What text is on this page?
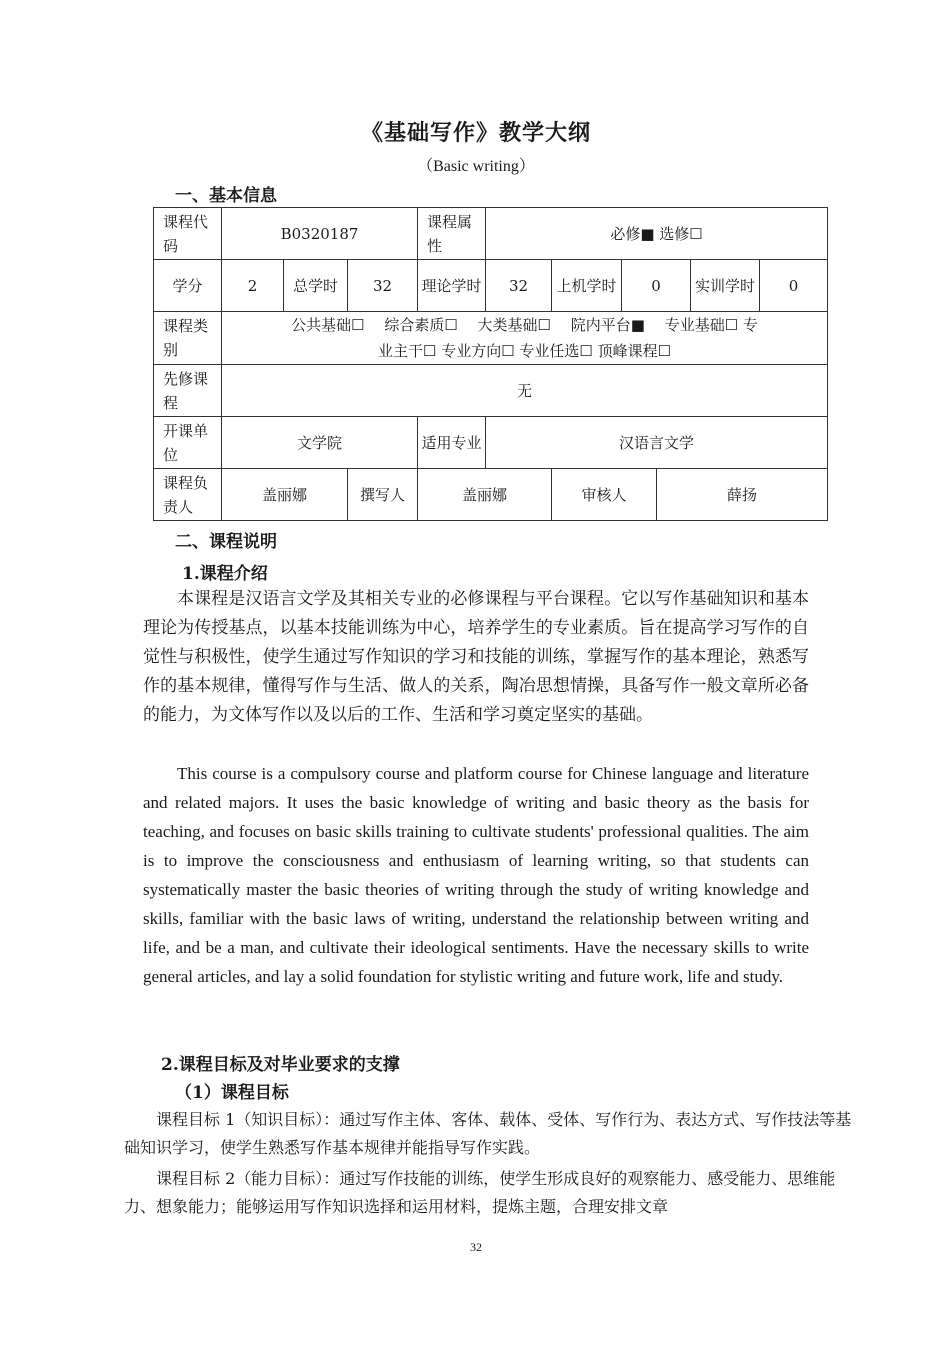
《基础写作》教学大纲
（Basic writing）
一、基本信息
课程代码	B0320187			课程属性	必修■ 选修☐					
学分	2	总学时	32	理论学时	32	上机学时	0		实训学时	0
课程类别	公共基础☐　 综合素质☐　 大类基础☐　 院内平台■　 专业基础☐ 专
业主干☐ 专业方向☐ 专业任选☐ 顶峰课程☐									

先修课程	无									
开课单位	文学院			适用专业	汉语言文学					
课程负责人	盖丽娜		撰写人	盖丽娜		审核人		薛扬		
二、课程说明
1.课程介绍
本课程是汉语言文学及其相关专业的必修课程与平台课程。它以写作基础知识和基本理论为传授基点，以基本技能训练为中心，培养学生的专业素质。旨在提高学习写作的自觉性与积极性，使学生通过写作知识的学习和技能的训练，掌握写作的基本理论，熟悉写作的基本规律，懂得写作与生活、做人的关系，陶冶思想情操，具备写作一般文章所必备的能力，为文体写作以及以后的工作、生活和学习奠定坚实的基础。
This course is a compulsory course and platform course for Chinese language and literature and related majors. It uses the basic knowledge of writing and basic theory as the basis for teaching, and focuses on basic skills training to cultivate students' professional qualities. The aim is to improve the consciousness and enthusiasm of learning writing, so that students can systematically master the basic theories of writing through the study of writing knowledge and skills, familiar with the basic laws of writing, understand the relationship between writing and life, and be a man, and cultivate their ideological sentiments. Have the necessary skills to write general articles, and lay a solid foundation for stylistic writing and future work, life and study.
2.课程目标及对毕业要求的支撑
（1）课程目标
课程目标 1（知识目标）：通过写作主体、客体、载体、受体、写作行为、表达方式、写作技法等基础知识学习，使学生熟悉写作基本规律并能指导写作实践。
课程目标 2（能力目标）：通过写作技能的训练，使学生形成良好的观察能力、感受能力、思维能力、想象能力；能够运用写作知识选择和运用材料，提炼主题，合理安排文章
32
